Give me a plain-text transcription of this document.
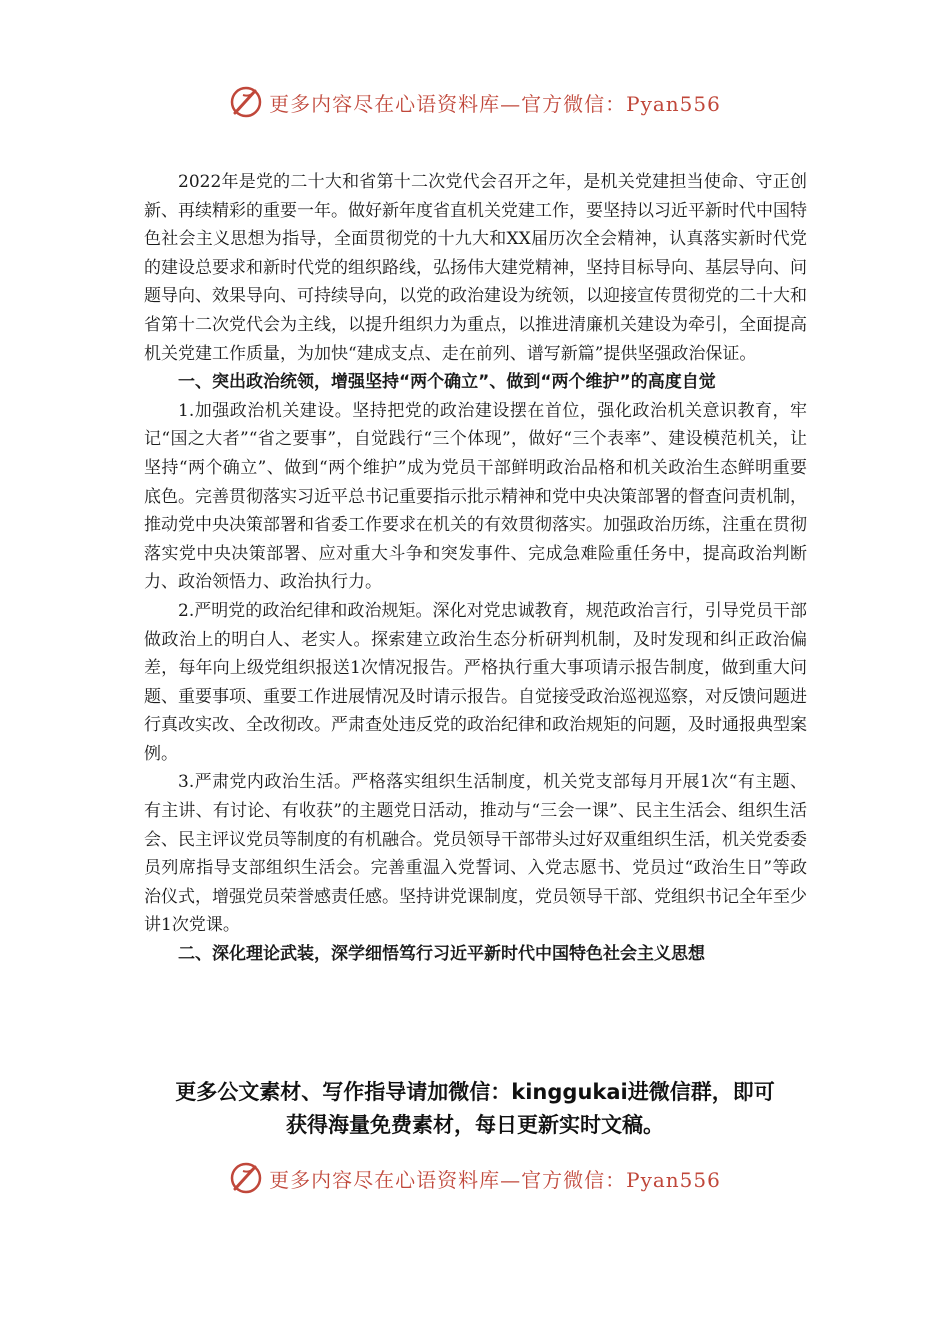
更多内容尽在心语资料库—官方微信：Pyan556

2022年是党的二十大和省第十二次党代会召开之年，是机关党建担当使命、守正创新、再续精彩的重要一年。做好新年度省直机关党建工作，要坚持以习近平新时代中国特色社会主义思想为指导，全面贯彻党的十九大和XX届历次全会精神，认真落实新时代党的建设总要求和新时代党的组织路线，弘扬伟大建党精神，坚持目标导向、基层导向、问题导向、效果导向、可持续导向，以党的政治建设为统领，以迎接宣传贯彻党的二十大和省第十二次党代会为主线，以提升组织力为重点，以推进清廉机关建设为牵引，全面提高机关党建工作质量，为加快“建成支点、走在前列、谱写新篇”提供坚强政治保证。

一、突出政治统领，增强坚持“两个确立”、做到“两个维护”的高度自觉

1.加强政治机关建设。坚持把党的政治建设摆在首位，强化政治机关意识教育，牢记“国之大者”“省之要事”，自觉践行“三个体现”，做好“三个表率”、建设模范机关，让坚持“两个确立”、做到“两个维护”成为党员干部鲜明政治品格和机关政治生态鲜明重要底色。完善贯彻落实习近平总书记重要指示批示精神和党中央决策部署的督查问责机制，推动党中央决策部署和省委工作要求在机关的有效贯彻落实。加强政治历练，注重在贯彻落实党中央决策部署、应对重大斗争和突发事件、完成急难险重任务中，提高政治判断力、政治领悟力、政治执行力。

2.严明党的政治纪律和政治规矩。深化对党忠诚教育，规范政治言行，引导党员干部做政治上的明白人、老实人。探索建立政治生态分析研判机制，及时发现和纠正政治偏差，每年向上级党组织报送1次情况报告。严格执行重大事项请示报告制度，做到重大问题、重要事项、重要工作进展情况及时请示报告。自觉接受政治巡视巡察，对反馈问题进行真改实改、全改彻改。严肃查处违反党的政治纪律和政治规矩的问题，及时通报典型案例。

3.严肃党内政治生活。严格落实组织生活制度，机关党支部每月开展1次“有主题、有主讲、有讨论、有收获”的主题党日活动，推动与“三会一课”、民主生活会、组织生活会、民主评议党员等制度的有机融合。党员领导干部带头过好双重组织生活，机关党委委员列席指导支部组织生活会。完善重温入党誓词、入党志愿书、党员过“政治生日”等政治仪式，增强党员荣誉感责任感。坚持讲党课制度，党员领导干部、党组织书记全年至少讲1次党课。

二、深化理论武装，深学细悟笃行习近平新时代中国特色社会主义思想

更多公文素材、写作指导请加微信：kinggukai进微信群，即可
获得海量免费素材，每日更新实时文稿。
更多内容尽在心语资料库—官方微信：Pyan556
